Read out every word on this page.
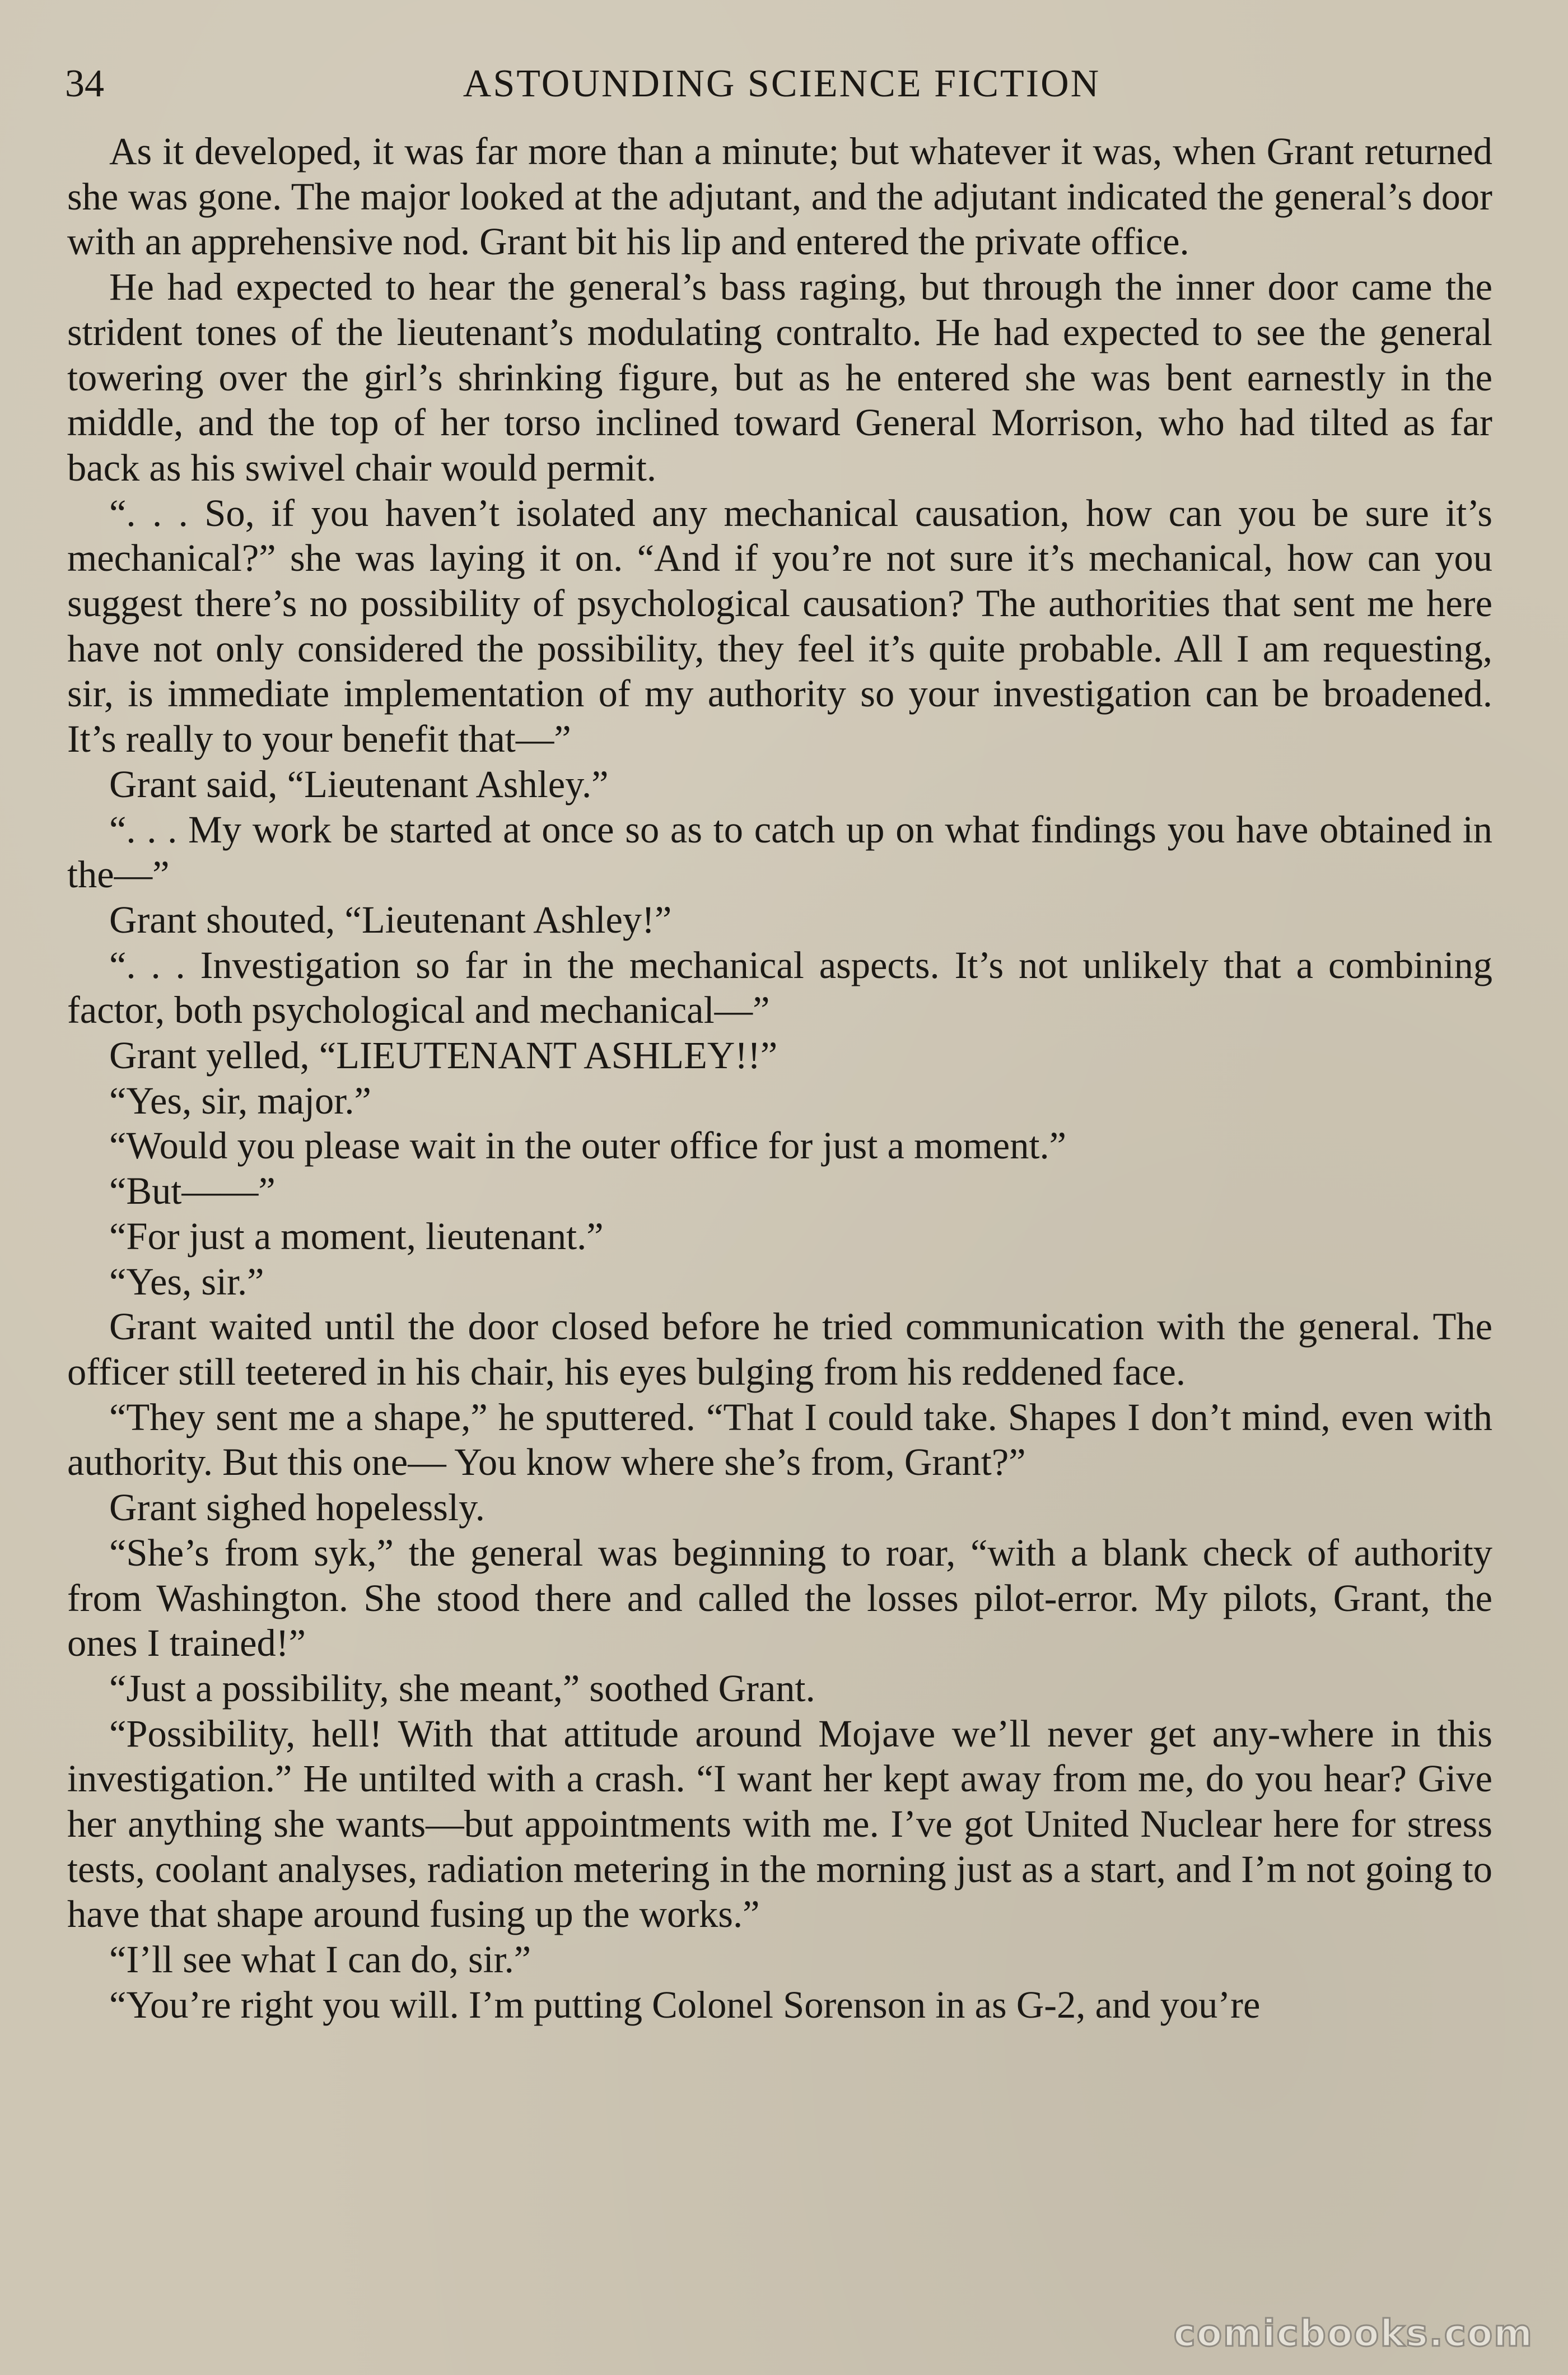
34	ASTOUNDING SCIENCE FICTION

As it developed, it was far more than a minute; but whatever it was, when Grant returned she was gone. The major looked at the adjutant, and the adjutant indicated the general’s door with an apprehensive nod. Grant bit his lip and entered the private office.

He had expected to hear the general’s bass raging, but through the inner door came the strident tones of the lieutenant’s modulating contralto. He had expected to see the general towering over the girl’s shrinking figure, but as he entered she was bent earnestly in the middle, and the top of her torso inclined toward General Morrison, who had tilted as far back as his swivel chair would permit.

“. . . So, if you haven’t isolated any mechanical causation, how can you be sure it’s mechanical?” she was laying it on. “And if you’re not sure it’s mechanical, how can you suggest there’s no possibility of psychological causation? The authorities that sent me here have not only considered the possibility, they feel it’s quite probable. All I am requesting, sir, is immediate implementation of my authority so your investigation can be broadened. It’s really to your benefit that—”

Grant said, “Lieutenant Ashley.”

“. . . My work be started at once so as to catch up on what findings you have obtained in the—”

Grant shouted, “Lieutenant Ashley!”

“. . . Investigation so far in the mechanical aspects. It’s not unlikely that a combining factor, both psychological and mechanical—”

Grant yelled, “LIEUTENANT ASHLEY!!”

“Yes, sir, major.”

“Would you please wait in the outer office for just a moment.”

“But——”

“For just a moment, lieutenant.”

“Yes, sir.”

Grant waited until the door closed before he tried communication with the general. The officer still teetered in his chair, his eyes bulging from his reddened face.

“They sent me a shape,” he sputtered. “That I could take. Shapes I don’t mind, even with authority. But this one— You know where she’s from, Grant?”

Grant sighed hopelessly.

“She’s from syk,” the general was beginning to roar, “with a blank check of authority from Washington. She stood there and called the losses pilot-error. My pilots, Grant, the ones I trained!”

“Just a possibility, she meant,” soothed Grant.

“Possibility, hell! With that attitude around Mojave we’ll never get any-where in this investigation.” He untilted with a crash. “I want her kept away from me, do you hear? Give her anything she wants—but appointments with me. I’ve got United Nuclear here for stress tests, coolant analyses, radiation metering in the morning just as a start, and I’m not going to have that shape around fusing up the works.”

“I’ll see what I can do, sir.”

“You’re right you will. I’m putting Colonel Sorenson in as G-2, and you’re

comicbooks.com
